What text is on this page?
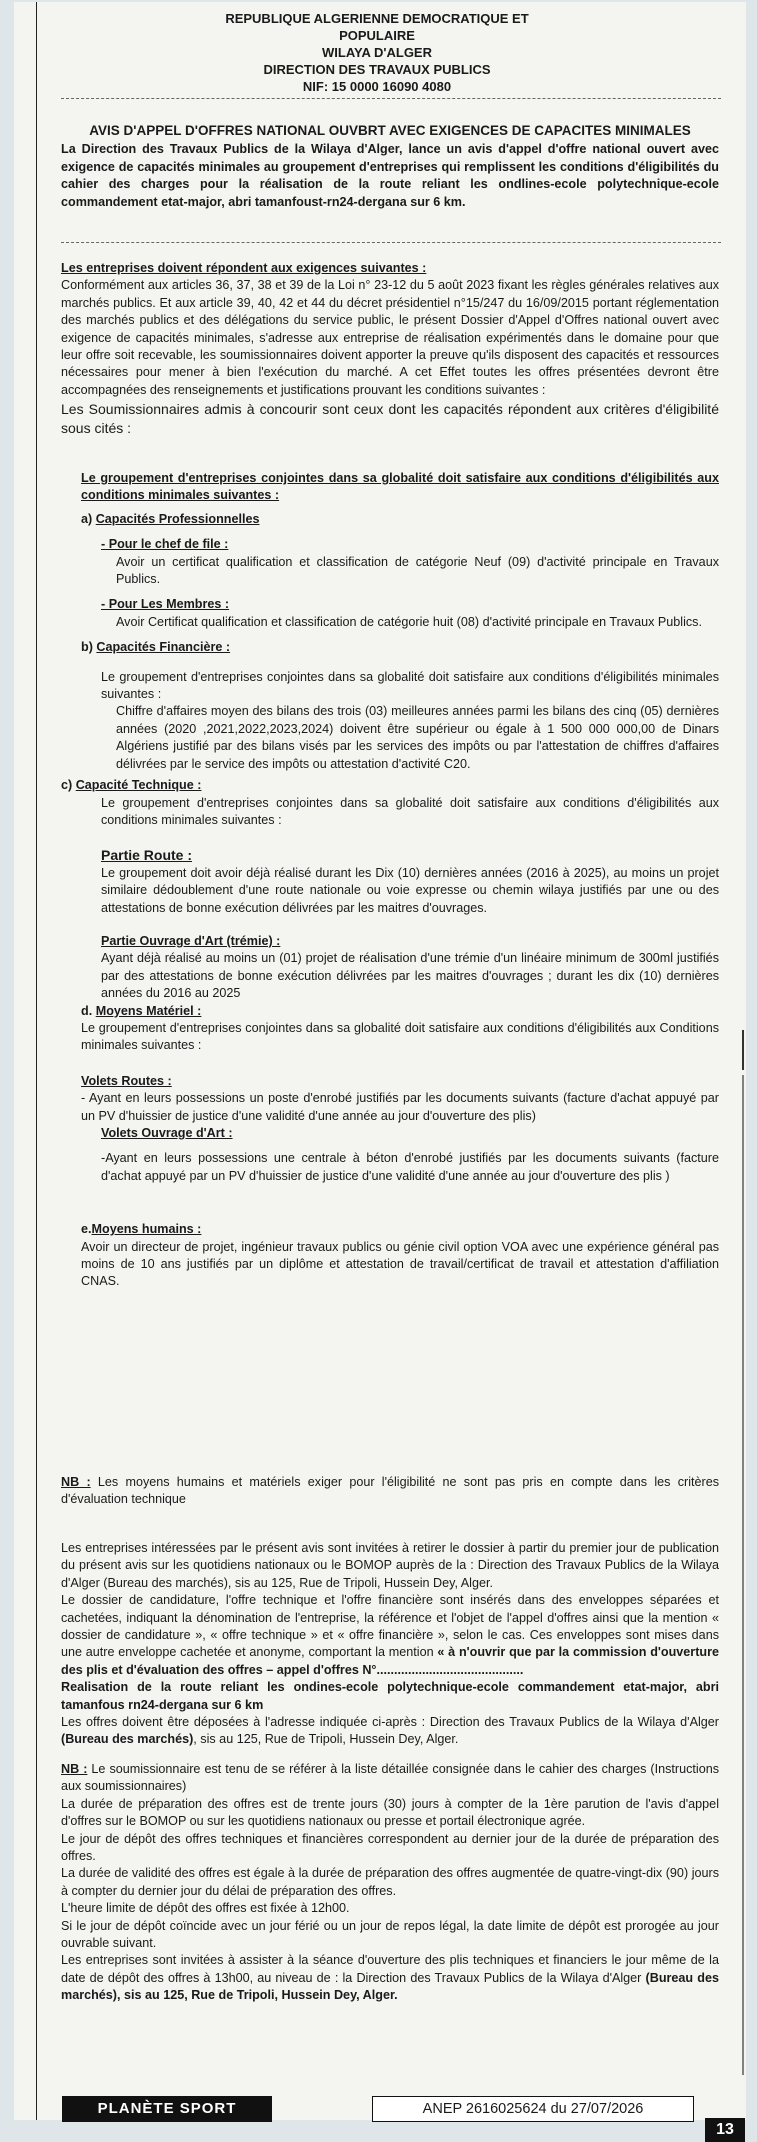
REPUBLIQUE ALGERIENNE DEMOCRATIQUE ET POPULAIRE
WILAYA D'ALGER
DIRECTION DES TRAVAUX PUBLICS
NIF: 15 0000 16090 4080

AVIS D'APPEL D'OFFRES NATIONAL OUVBRT AVEC EXIGENCES DE CAPACITES MINIMALES

La Direction des Travaux Publics de la Wilaya d'Alger, lance un avis d'appel d'offre national ouvert avec exigence de capacités minimales au groupement d'entreprises qui remplissent les conditions d'éligibilités du cahier des charges pour la réalisation de la route reliant les ondlines-ecole polytechnique-ecole commandement etat-major, abri tamanfoust-rn24-dergana sur 6 km.

Les entreprises doivent répondent aux exigences suivantes :

Conformément aux articles 36, 37, 38 et 39 de la Loi n° 23-12 du 5 août 2023 fixant les règles générales relatives aux marchés publics. Et aux article 39, 40, 42 et 44 du décret présidentiel n°15/247 du 16/09/2015 portant réglementation des marchés publics et des délégations du service public, le présent Dossier d'Appel d'Offres national ouvert avec exigence de capacités minimales, s'adresse aux entreprise de réalisation expérimentés dans le domaine pour que leur offre soit recevable, les soumissionnaires doivent apporter la preuve qu'ils disposent des capacités et ressources nécessaires pour mener à bien l'exécution du marché. A cet Effet toutes les offres présentées devront être accompagnées des renseignements et justifications prouvant les conditions suivantes :

Les Soumissionnaires admis à concourir sont ceux dont les capacités répondent aux critères d'éligibilité sous cités :

Le groupement d'entreprises conjointes dans sa globalité doit satisfaire aux conditions d'éligibilités aux conditions minimales suivantes :

a) Capacités Professionnelles

- Pour le chef de file :

Avoir un certificat qualification et classification de catégorie Neuf (09) d'activité principale en Travaux Publics.

- Pour Les Membres :

Avoir Certificat qualification et classification de catégorie huit (08) d'activité principale en Travaux Publics.

b) Capacités Financière :

Le groupement d'entreprises conjointes dans sa globalité doit satisfaire aux conditions d'éligibilités minimales suivantes :

Chiffre d'affaires moyen des bilans des trois (03) meilleures années parmi les bilans des cinq (05) dernières années (2020 ,2021,2022,2023,2024) doivent être supérieur ou égale à 1 500 000 000,00 de Dinars Algériens justifié par des bilans visés par les services des impôts ou par l'attestation de chiffres d'affaires délivrées par le service des impôts ou attestation d'activité C20.

c) Capacité Technique :

Le groupement d'entreprises conjointes dans sa globalité doit satisfaire aux conditions d'éligibilités aux conditions minimales suivantes :

Partie Route :

Le groupement doit avoir déjà réalisé durant les Dix (10) dernières années (2016 à 2025), au moins un projet similaire dédoublement d'une route nationale ou voie expresse ou chemin wilaya justifiés par une ou des attestations de bonne exécution délivrées par les maitres d'ouvrages.

Partie Ouvrage d'Art (trémie) :

Ayant déjà réalisé au moins un (01) projet de réalisation d'une trémie d'un linéaire minimum de 300ml justifiés par des attestations de bonne exécution délivrées par les maitres d'ouvrages ; durant les dix (10) dernières années du 2016 au 2025

d. Moyens Matériel :

Le groupement d'entreprises conjointes dans sa globalité doit satisfaire aux conditions d'éligibilités aux Conditions minimales suivantes :

Volets Routes :

- Ayant en leurs possessions un poste d'enrobé justifiés par les documents suivants (facture d'achat appuyé par un PV d'huissier de justice d'une validité d'une année au jour d'ouverture des plis)

Volets Ouvrage d'Art :

-Ayant en leurs possessions une centrale à béton d'enrobé justifiés par les documents suivants (facture d'achat appuyé par un PV d'huissier de justice d'une validité d'une année au jour d'ouverture des plis )

e.Moyens humains :

Avoir un directeur de projet, ingénieur travaux publics ou génie civil option VOA avec une expérience général pas moins de 10 ans justifiés par un diplôme et attestation de travail/certificat de travail et attestation d'affiliation CNAS.

NB : Les moyens humains et matériels exiger pour l'éligibilité ne sont pas pris en compte dans les critères d'évaluation technique

Les entreprises intéressées par le présent avis sont invitées à retirer le dossier à partir du premier jour de publication du présent avis sur les quotidiens nationaux ou le BOMOP auprès de la : Direction des Travaux Publics de la Wilaya d'Alger (Bureau des marchés), sis au 125, Rue de Tripoli, Hussein Dey, Alger.

Le dossier de candidature, l'offre technique et l'offre financière sont insérés dans des enveloppes séparées et cachetées, indiquant la dénomination de l'entreprise, la référence et l'objet de l'appel d'offres ainsi que la mention « dossier de candidature », « offre technique » et « offre financière », selon le cas. Ces enveloppes sont mises dans une autre enveloppe cachetée et anonyme, comportant la mention « à n'ouvrir que par la commission d'ouverture des plis et d'évaluation des offres – appel d'offres N°..........................................

Realisation de la route reliant les ondines-ecole polytechnique-ecole commandement etat-major, abri tamanfous rn24-dergana sur 6 km

Les offres doivent être déposées à l'adresse indiquée ci-après : Direction des Travaux Publics de la Wilaya d'Alger (Bureau des marchés), sis au 125, Rue de Tripoli, Hussein Dey, Alger.

NB : Le soumissionnaire est tenu de se référer à la liste détaillée consignée dans le cahier des charges (Instructions aux soumissionnaires)

La durée de préparation des offres est de trente jours (30) jours à compter de la 1ère parution de l'avis d'appel d'offres sur le BOMOP ou sur les quotidiens nationaux ou presse et portail électronique agrée.

Le jour de dépôt des offres techniques et financières correspondent au dernier jour de la durée de préparation des offres.

La durée de validité des offres est égale à la durée de préparation des offres augmentée de quatre-vingt-dix (90) jours à compter du dernier jour du délai de préparation des offres.

L'heure limite de dépôt des offres est fixée à 12h00.

Si le jour de dépôt coïncide avec un jour férié ou un jour de repos légal, la date limite de dépôt est prorogée au jour ouvrable suivant.

Les entreprises sont invitées à assister à la séance d'ouverture des plis techniques et financiers le jour même de la date de dépôt des offres à 13h00, au niveau de : la Direction des Travaux Publics de la Wilaya d'Alger (Bureau des marchés), sis au 125, Rue de Tripoli, Hussein Dey, Alger.

PLANÈTE SPORT	ANEP 2616025624 du 27/07/2026
13
